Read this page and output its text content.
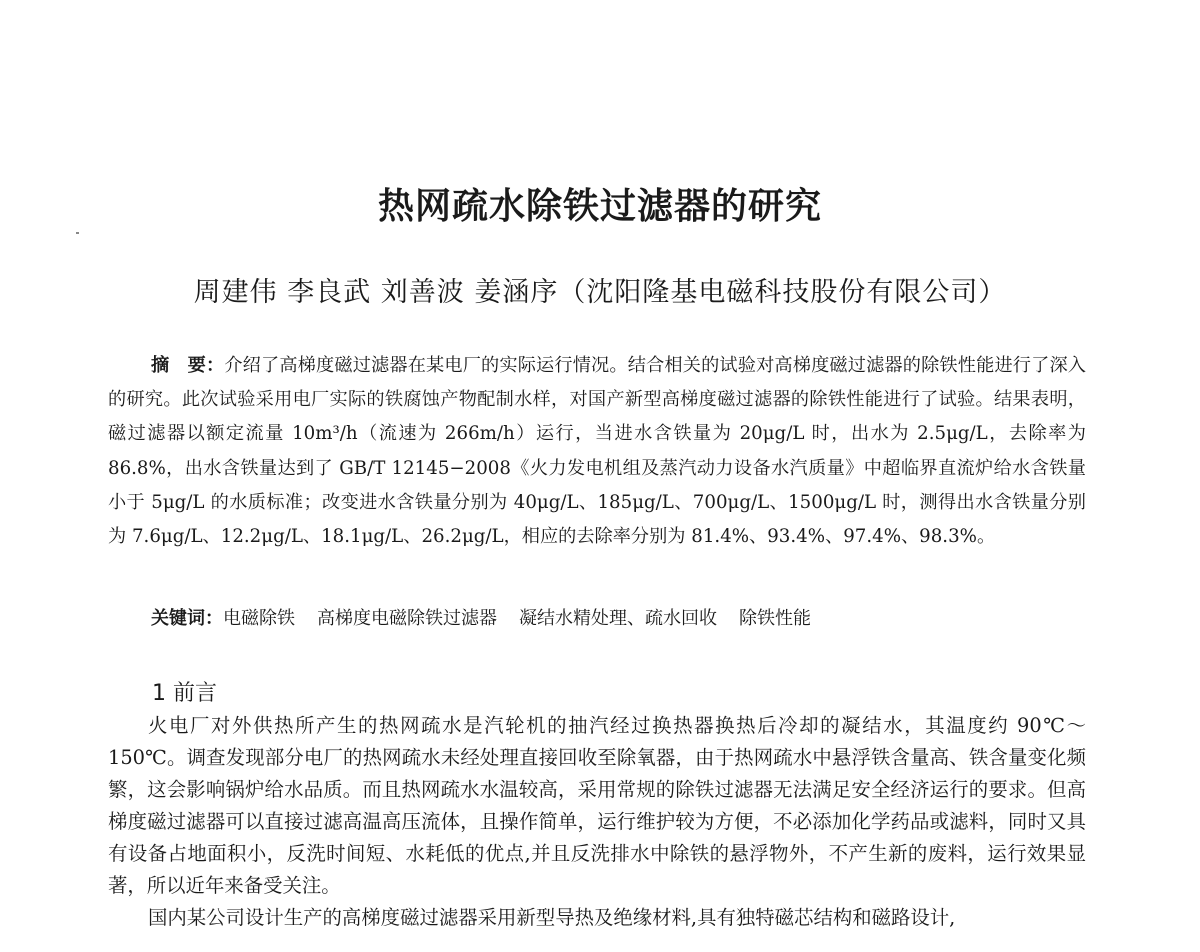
热网疏水除铁过滤器的研究

周建伟 李良武 刘善波 姜涵序（沈阳隆基电磁科技股份有限公司）

摘　要：介绍了高梯度磁过滤器在某电厂的实际运行情况。结合相关的试验对高梯度磁过滤器的除铁性能进行了深入的研究。此次试验采用电厂实际的铁腐蚀产物配制水样，对国产新型高梯度磁过滤器的除铁性能进行了试验。结果表明，磁过滤器以额定流量 10m³/h（流速为 266m/h）运行，当进水含铁量为 20μg/L 时，出水为 2.5μg/L，去除率为 86.8%，出水含铁量达到了 GB/T 12145−2008《火力发电机组及蒸汽动力设备水汽质量》中超临界直流炉给水含铁量小于 5μg/L 的水质标准；改变进水含铁量分别为 40μg/L、185μg/L、700μg/L、1500μg/L 时，测得出水含铁量分别为 7.6μg/L、12.2μg/L、18.1μg/L、26.2μg/L，相应的去除率分别为 81.4%、93.4%、97.4%、98.3%。

关键词：电磁除铁 高梯度电磁除铁过滤器 凝结水精处理、疏水回收 除铁性能

1 前言

火电厂对外供热所产生的热网疏水是汽轮机的抽汽经过换热器换热后冷却的凝结水，其温度约 90℃～150℃。调查发现部分电厂的热网疏水未经处理直接回收至除氧器，由于热网疏水中悬浮铁含量高、铁含量变化频繁，这会影响锅炉给水品质。而且热网疏水水温较高，采用常规的除铁过滤器无法满足安全经济运行的要求。但高梯度磁过滤器可以直接过滤高温高压流体，且操作简单，运行维护较为方便，不必添加化学药品或滤料，同时又具有设备占地面积小，反洗时间短、水耗低的优点,并且反洗排水中除铁的悬浮物外，不产生新的废料，运行效果显著，所以近年来备受关注。

国内某公司设计生产的高梯度磁过滤器采用新型导热及绝缘材料,具有独特磁芯结构和磁路设计,
